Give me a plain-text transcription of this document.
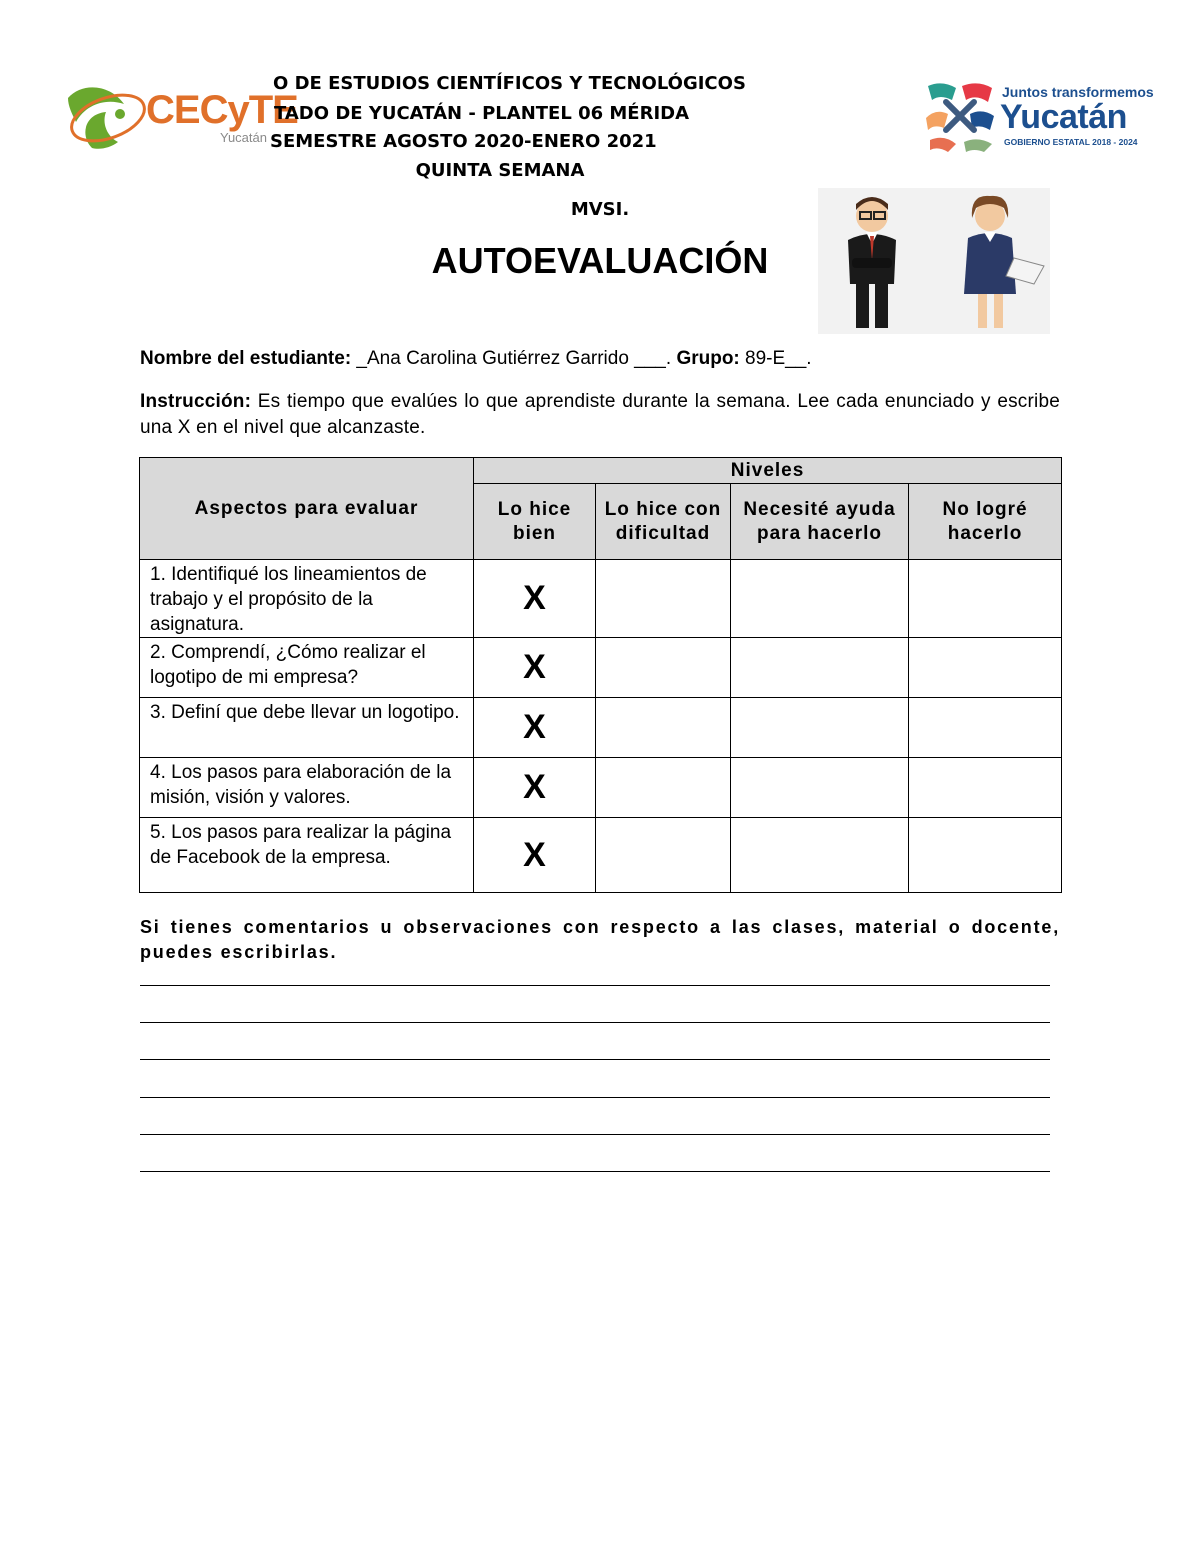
CECyTE
Yucatán
O DE ESTUDIOS CIENTÍFICOS Y TECNOLÓGICOS
TADO DE YUCATÁN - PLANTEL 06 MÉRIDA
SEMESTRE AGOSTO 2020-ENERO 2021
QUINTA SEMANA
MVSI.
Juntos transformemos
Yucatán
GOBIERNO ESTATAL 2018 - 2024
AUTOEVALUACIÓN
Nombre del estudiante: _Ana Carolina Gutiérrez Garrido ___. Grupo: 89-E__.
Instrucción: Es tiempo que evalúes lo que aprendiste durante la semana. Lee cada enunciado y escribe una X en el nivel que alcanzaste.
Aspectos para evaluar	Niveles			
	Lo hice bien	Lo hice con dificultad	Necesité ayuda para hacerlo	No logré hacerlo
1. Identifiqué los lineamientos de trabajo y el propósito de la asignatura.	X			
2. Comprendí, ¿Cómo realizar el logotipo de mi empresa?	X			
3. Definí que debe llevar un logotipo.	X			
4. Los pasos para elaboración de la misión, visión y valores.	X			
5. Los pasos para realizar la página de Facebook de la empresa.	X			
Si tienes comentarios u observaciones con respecto a las clases, material o docente, puedes escribirlas.
